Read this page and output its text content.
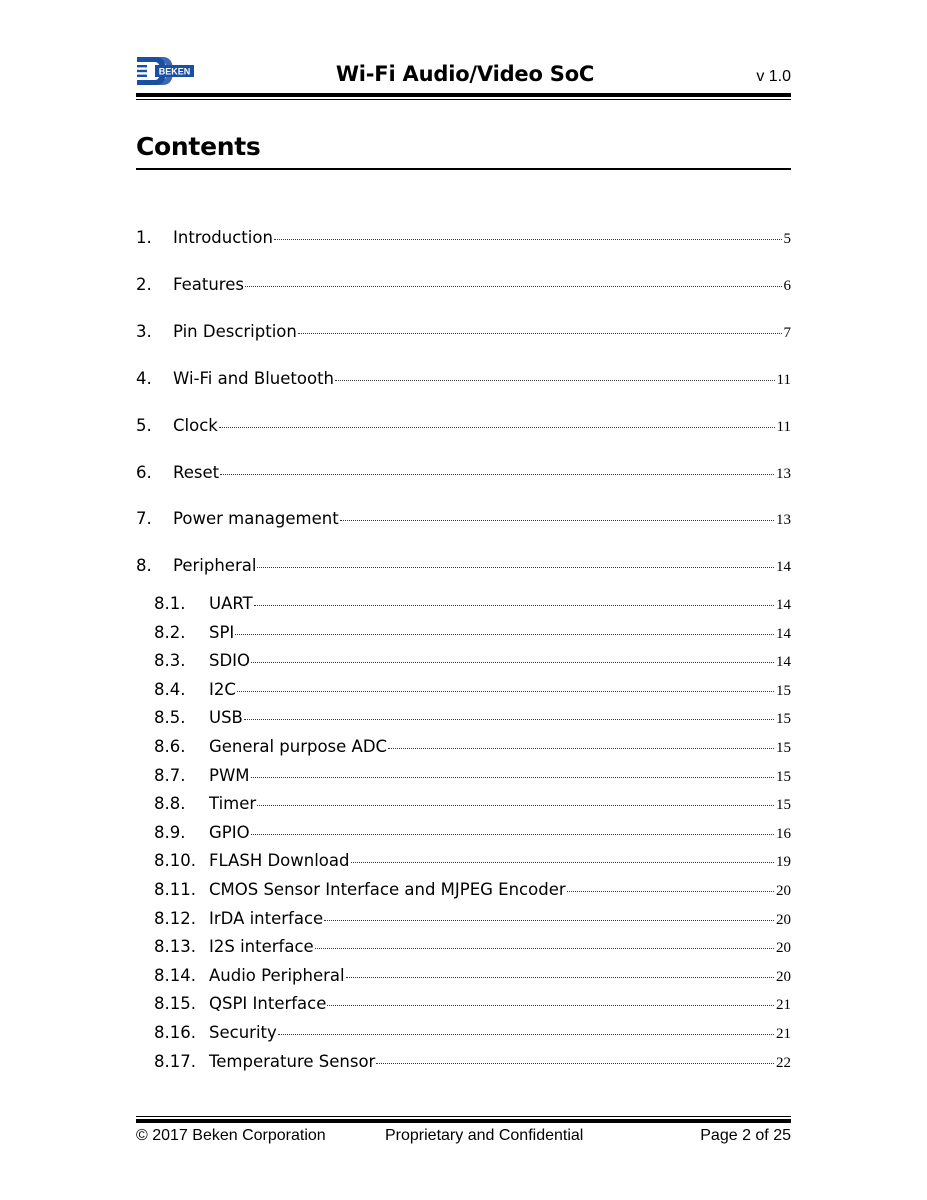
BEKEN	Wi-Fi Audio/Video SoC	v 1.0
Contents
1.	Introduction	5
2.	Features	6
3.	Pin Description	7
4.	Wi-Fi and Bluetooth	11
5.	Clock	11
6.	Reset	13
7.	Power management	13
8.	Peripheral	14
8.1.	UART	14
8.2.	SPI	14
8.3.	SDIO	14
8.4.	I2C	15
8.5.	USB	15
8.6.	General purpose ADC	15
8.7.	PWM	15
8.8.	Timer	15
8.9.	GPIO	16
8.10. FLASH Download	19
8.11. CMOS Sensor Interface and MJPEG Encoder	20
8.12. IrDA interface	20
8.13. I2S interface	20
8.14. Audio Peripheral	20
8.15. QSPI Interface	21
8.16. Security	21
8.17. Temperature Sensor	22
© 2017 Beken Corporation	Proprietary and Confidential	Page 2 of 25
